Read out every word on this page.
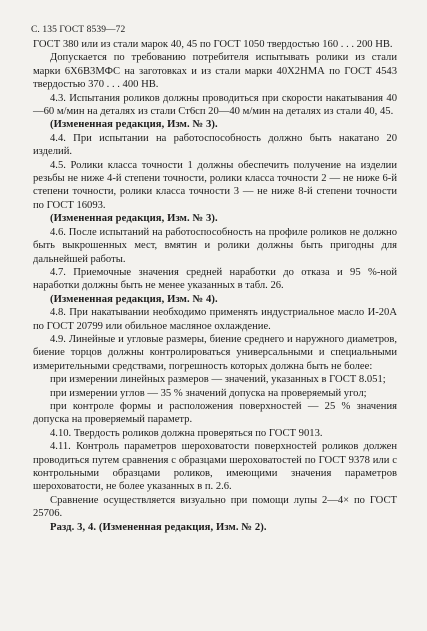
С. 135 ГОСТ 8539—72

ГОСТ 380 или из стали марок 40, 45 по ГОСТ 1050 твердостью 160 . . . 200 НВ.

Допускается по требованию потребителя испытывать ролики из стали марки 6Х6В3МФС на заготовках и из стали марки 40Х2НМА по ГОСТ 4543 твердостью 370 . . . 400 НВ.

4.3. Испытания роликов должны проводиться при скорости накатывания 40—60 м/мин на деталях из стали Ст6сп 20—40 м/мин на деталях из стали 40, 45.

(Измененная редакция, Изм. № 3).

4.4. При испытании на работоспособность должно быть накатано 20 изделий.

4.5. Ролики класса точности 1 должны обеспечить получение на изделии резьбы не ниже 4-й степени точности, ролики класса точности 2 — не ниже 6-й степени точности, ролики класса точности 3 — не ниже 8-й степени точности по ГОСТ 16093.

(Измененная редакция, Изм. № 3).

4.6. После испытаний на работоспособность на профиле роликов не должно быть выкрошенных мест, вмятин и ролики должны быть пригодны для дальнейшей работы.

4.7. Приемочные значения средней наработки до отказа и 95 %-ной наработки должны быть не менее указанных в табл. 26.

(Измененная редакция, Изм. № 4).

4.8. При накатывании необходимо применять индустриальное масло И-20А по ГОСТ 20799 или обильное масляное охлаждение.

4.9. Линейные и угловые размеры, биение среднего и наружного диаметров, биение торцов должны контролироваться универсальными и специальными измерительными средствами, погрешность которых должна быть не более:

при измерении линейных размеров — значений, указанных в ГОСТ 8.051;

при измерении углов — 35 % значений допуска на проверяемый угол;

при контроле формы и расположения поверхностей — 25 % значения допуска на проверяемый параметр.

4.10. Твердость роликов должна проверяться по ГОСТ 9013.

4.11. Контроль параметров шероховатости поверхностей роликов должен проводиться путем сравнения с образцами шероховатостей по ГОСТ 9378 или с контрольными образцами роликов, имеющими значения параметров шероховатости, не более указанных в п. 2.6.

Сравнение осуществляется визуально при помощи лупы 2—4× по ГОСТ 25706.

Разд. 3, 4. (Измененная редакция, Изм. № 2).
